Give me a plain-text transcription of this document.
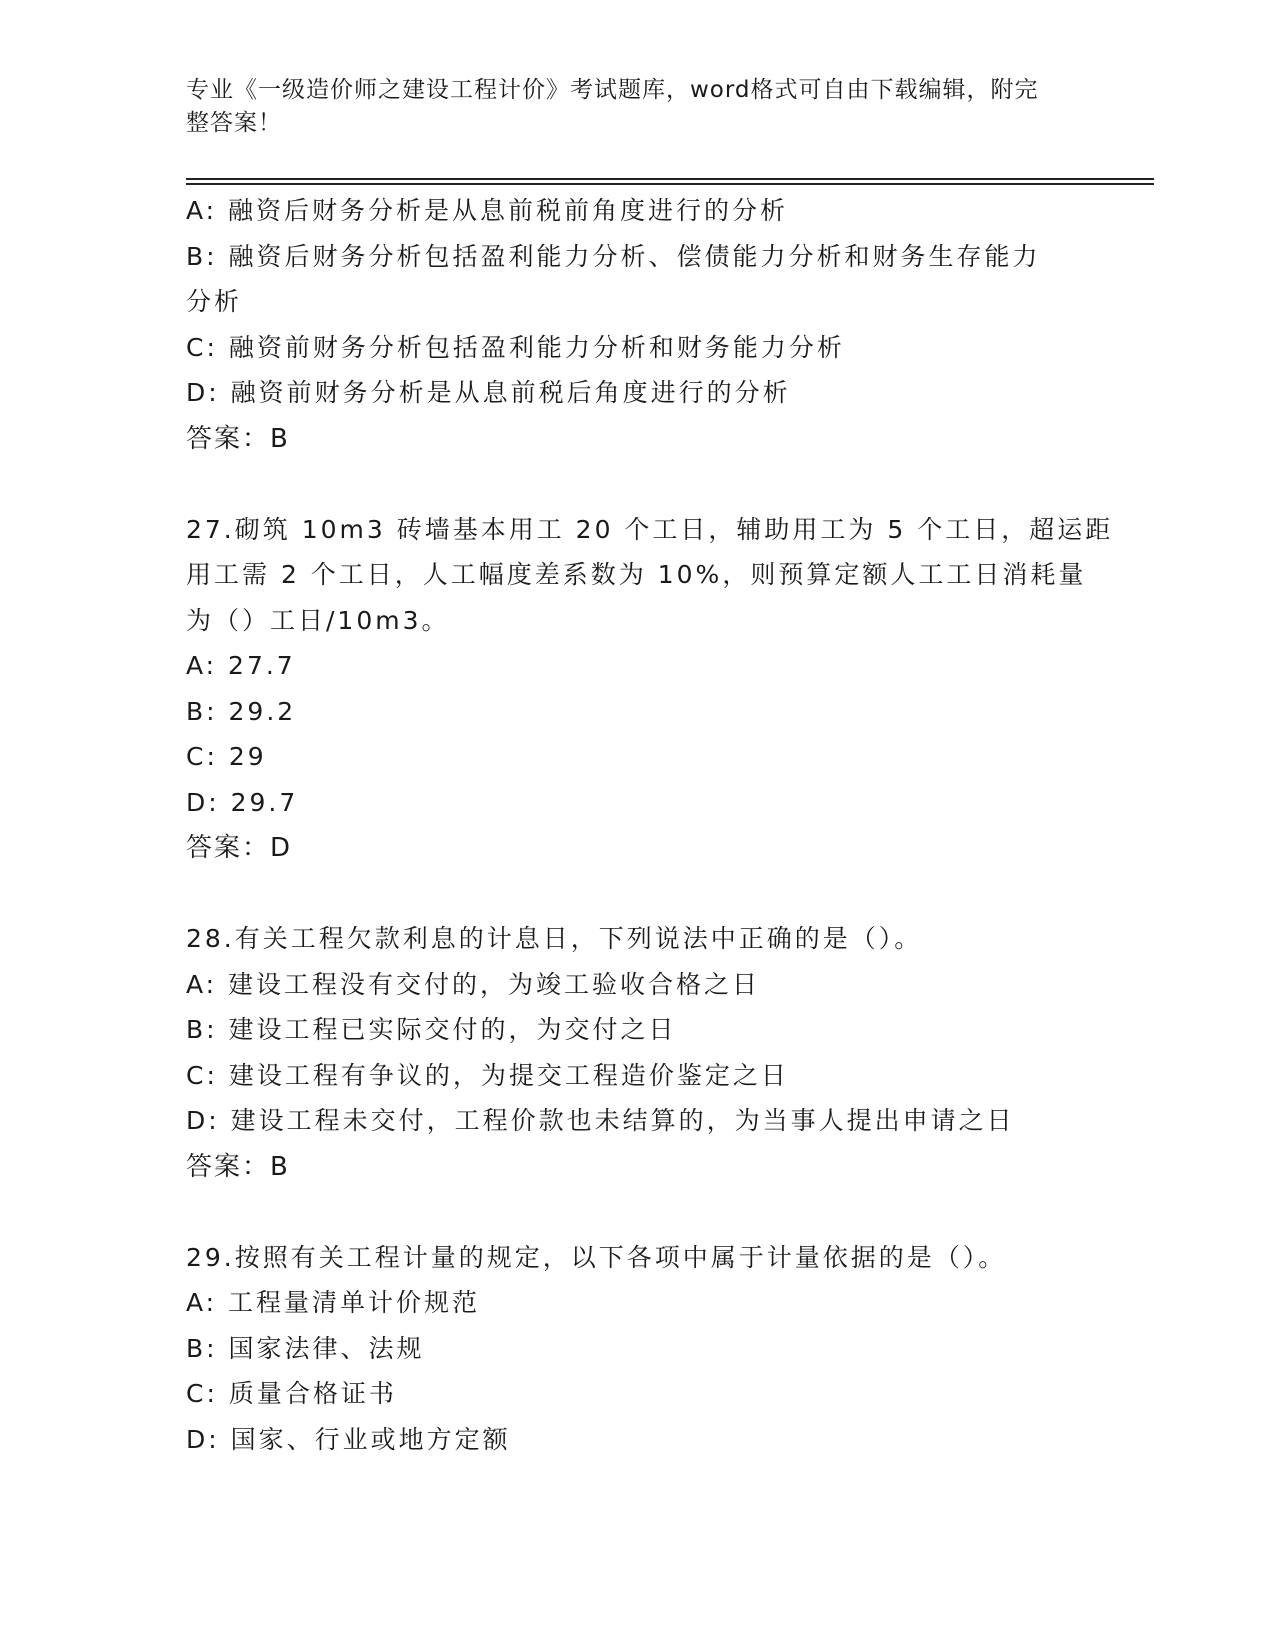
专业《一级造价师之建设工程计价》考试题库，word格式可自由下载编辑，附完
整答案！
A: 融资后财务分析是从息前税前角度进行的分析
B: 融资后财务分析包括盈利能力分析、偿债能力分析和财务生存能力
分析
C: 融资前财务分析包括盈利能力分析和财务能力分析
D: 融资前财务分析是从息前税后角度进行的分析
答案：B
27.砌筑 10m3 砖墙基本用工 20 个工日，辅助用工为 5 个工日，超运距
用工需 2 个工日，人工幅度差系数为 10%，则预算定额人工工日消耗量
为（）工日/10m3。
A: 27.7
B: 29.2
C: 29
D: 29.7
答案：D
28.有关工程欠款利息的计息日，下列说法中正确的是（）。
A: 建设工程没有交付的，为竣工验收合格之日
B: 建设工程已实际交付的，为交付之日
C: 建设工程有争议的，为提交工程造价鉴定之日
D: 建设工程未交付，工程价款也未结算的，为当事人提出申请之日
答案：B
29.按照有关工程计量的规定，以下各项中属于计量依据的是（）。
A: 工程量清单计价规范
B: 国家法律、法规
C: 质量合格证书
D: 国家、行业或地方定额
